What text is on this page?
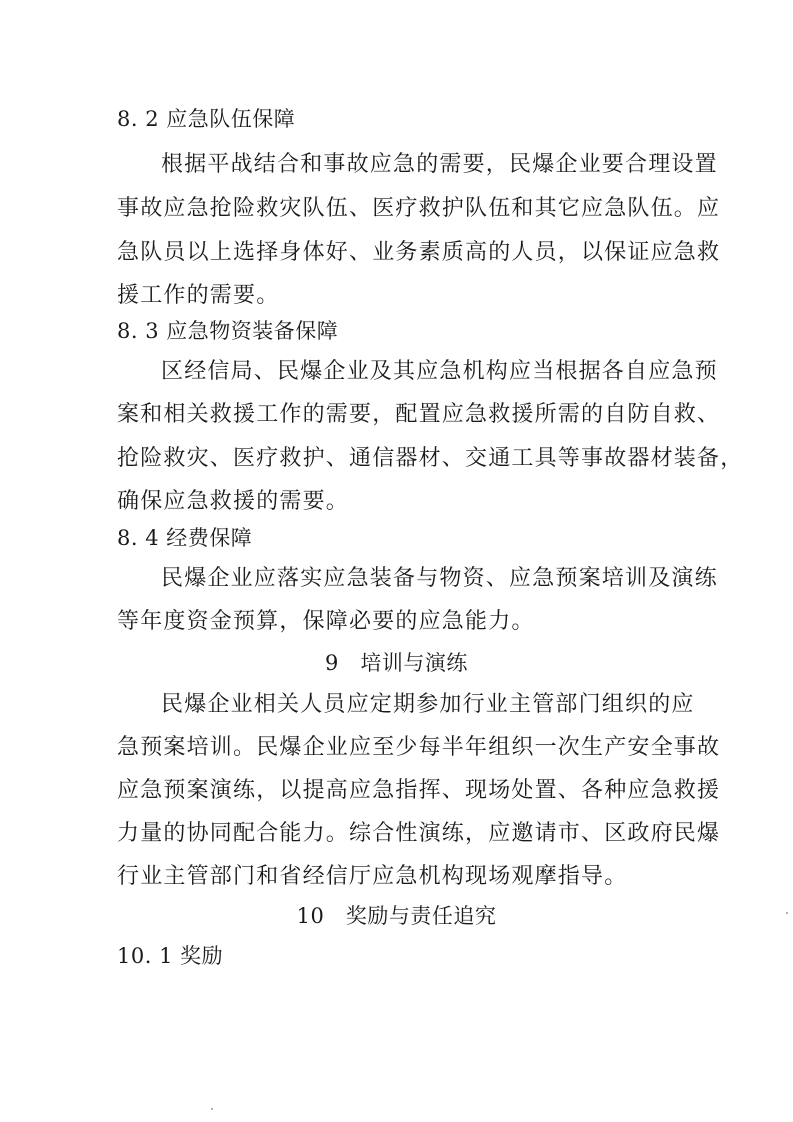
8. 2 应急队伍保障
根据平战结合和事故应急的需要，民爆企业要合理设置
事故应急抢险救灾队伍、医疗救护队伍和其它应急队伍。应
急队员以上选择身体好、业务素质高的人员，以保证应急救
援工作的需要。
8. 3 应急物资装备保障
区经信局、民爆企业及其应急机构应当根据各自应急预
案和相关救援工作的需要，配置应急救援所需的自防自救、
抢险救灾、医疗救护、通信器材、交通工具等事故器材装备，
确保应急救援的需要。
8. 4 经费保障
民爆企业应落实应急装备与物资、应急预案培训及演练
等年度资金预算，保障必要的应急能力。
9   培训与演练
民爆企业相关人员应定期参加行业主管部门组织的应
急预案培训。民爆企业应至少每半年组织一次生产安全事故
应急预案演练，以提高应急指挥、现场处置、各种应急救援
力量的协同配合能力。综合性演练，应邀请市、区政府民爆
行业主管部门和省经信厅应急机构现场观摩指导。
10   奖励与责任追究
10. 1 奖励
